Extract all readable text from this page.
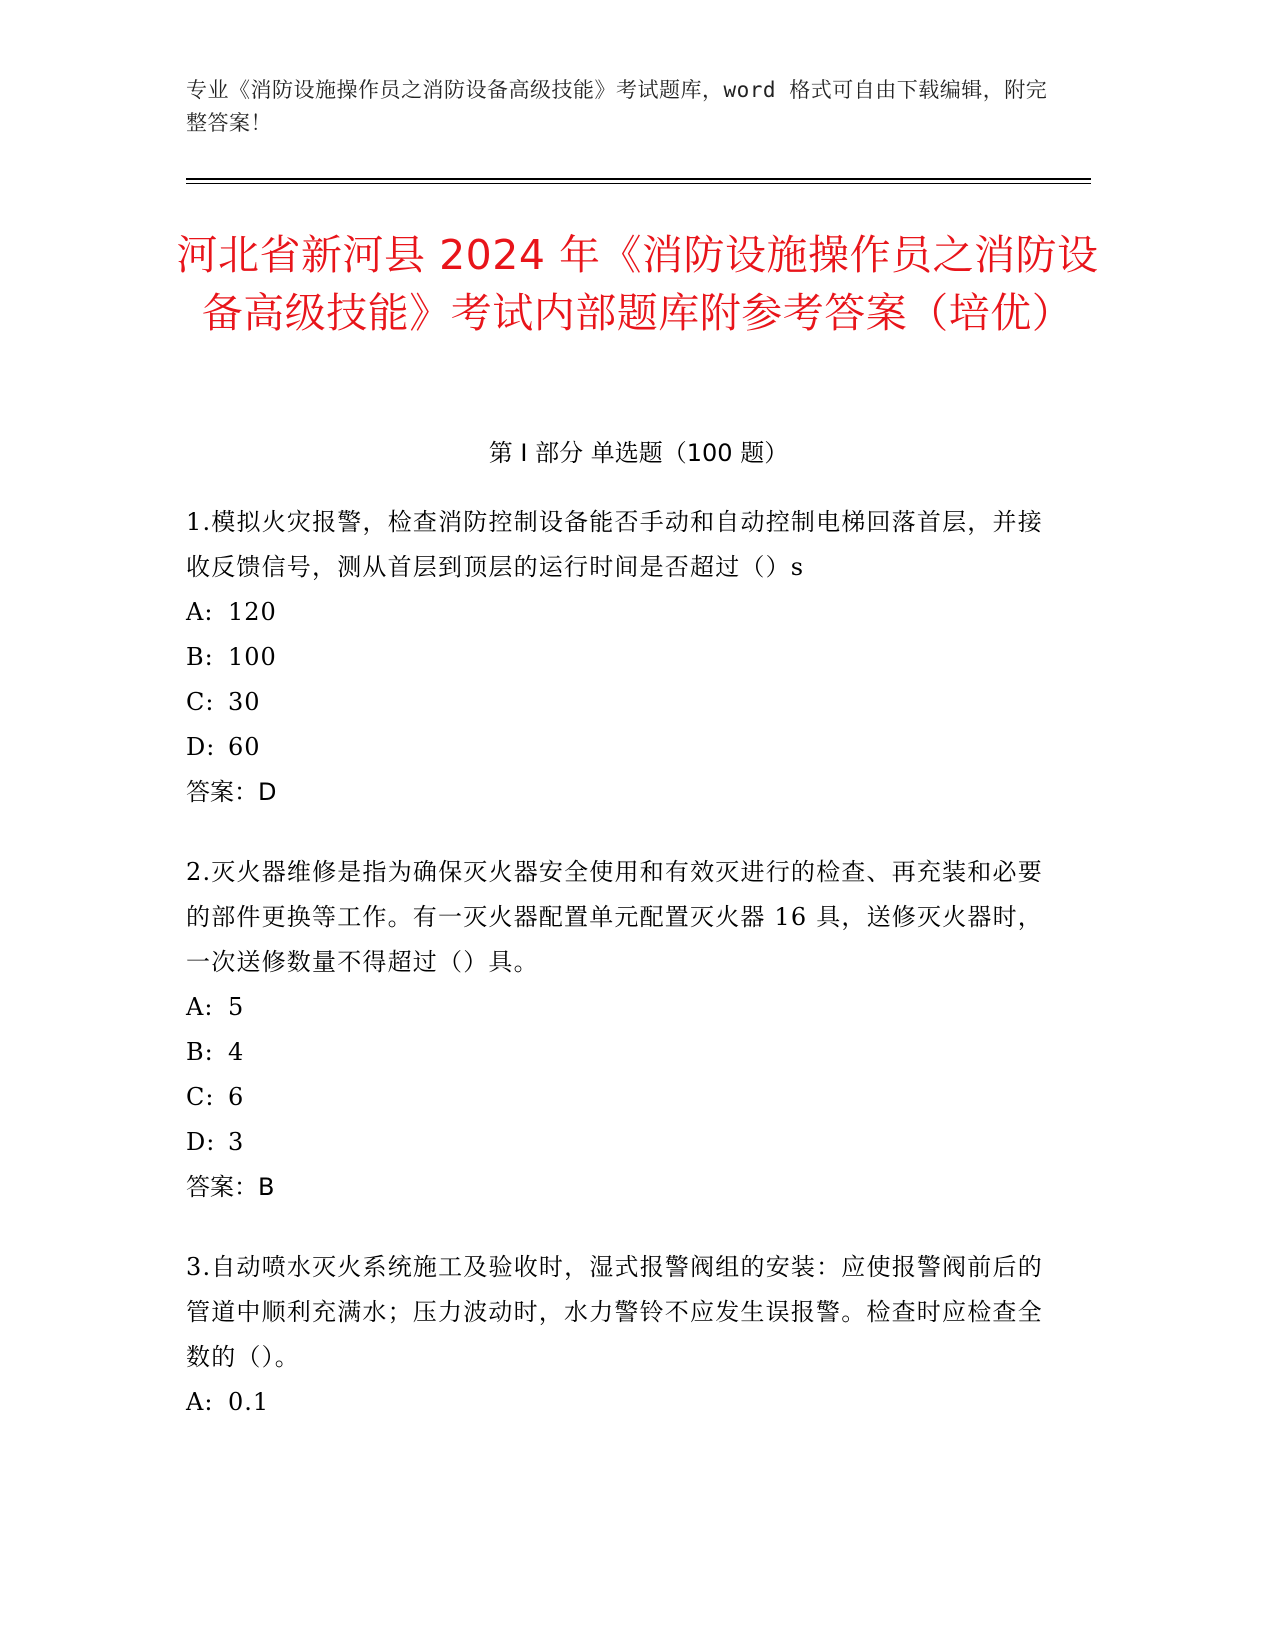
专业《消防设施操作员之消防设备高级技能》考试题库，word 格式可自由下载编辑，附完整答案！
河北省新河县 2024 年《消防设施操作员之消防设备高级技能》考试内部题库附参考答案（培优）
第 I 部分 单选题（100 题）

1.模拟火灾报警，检查消防控制设备能否手动和自动控制电梯回落首层，并接收反馈信号，测从首层到顶层的运行时间是否超过（）s

A: 120

B: 100

C: 30

D: 60

答案：D

2.灭火器维修是指为确保灭火器安全使用和有效灭进行的检查、再充装和必要的部件更换等工作。有一灭火器配置单元配置灭火器 16 具，送修灭火器时，一次送修数量不得超过（）具。

A: 5

B: 4

C: 6

D: 3

答案：B

3.自动喷水灭火系统施工及验收时，湿式报警阀组的安装：应使报警阀前后的管道中顺利充满水；压力波动时，水力警铃不应发生误报警。检查时应检查全数的（）。

A: 0.1
